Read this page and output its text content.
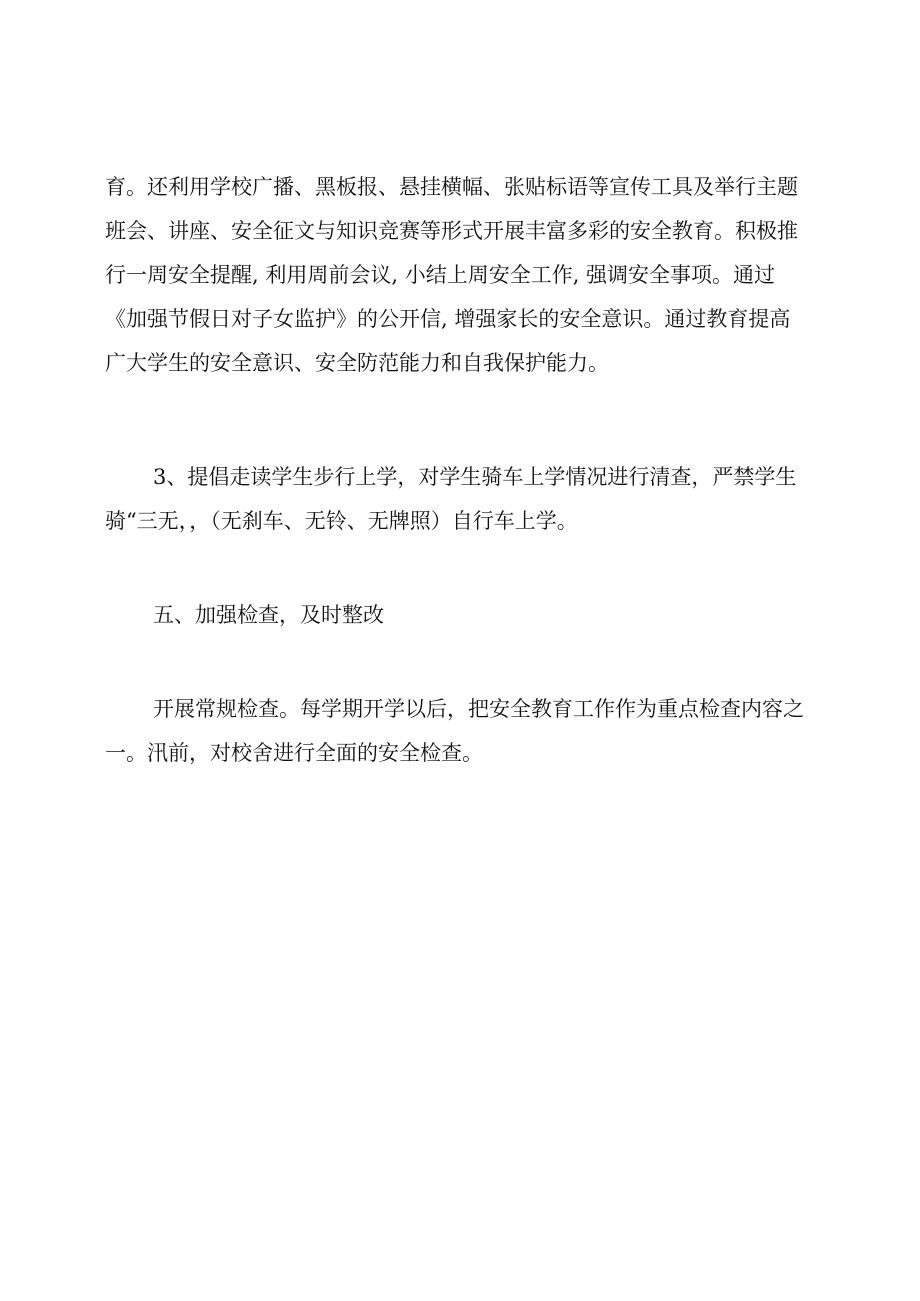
育。还利用学校广播、黑板报、悬挂横幅、张贴标语等宣传工具及举行主题
班会、讲座、安全征文与知识竞赛等形式开展丰富多彩的安全教育。积极推
行一周安全提醒, 利用周前会议, 小结上周安全工作, 强调安全事项。通过
《加强节假日对子女监护》的公开信, 增强家长的安全意识。通过教育提高
广大学生的安全意识、安全防范能力和自我保护能力。
3、提倡走读学生步行上学，对学生骑车上学情况进行清查，严禁学生
骑“三无，，（无刹车、无铃、无牌照）自行车上学。
五、加强检查，及时整改
开展常规检查。每学期开学以后，把安全教育工作作为重点检查内容之
一。汛前，对校舍进行全面的安全检查。
